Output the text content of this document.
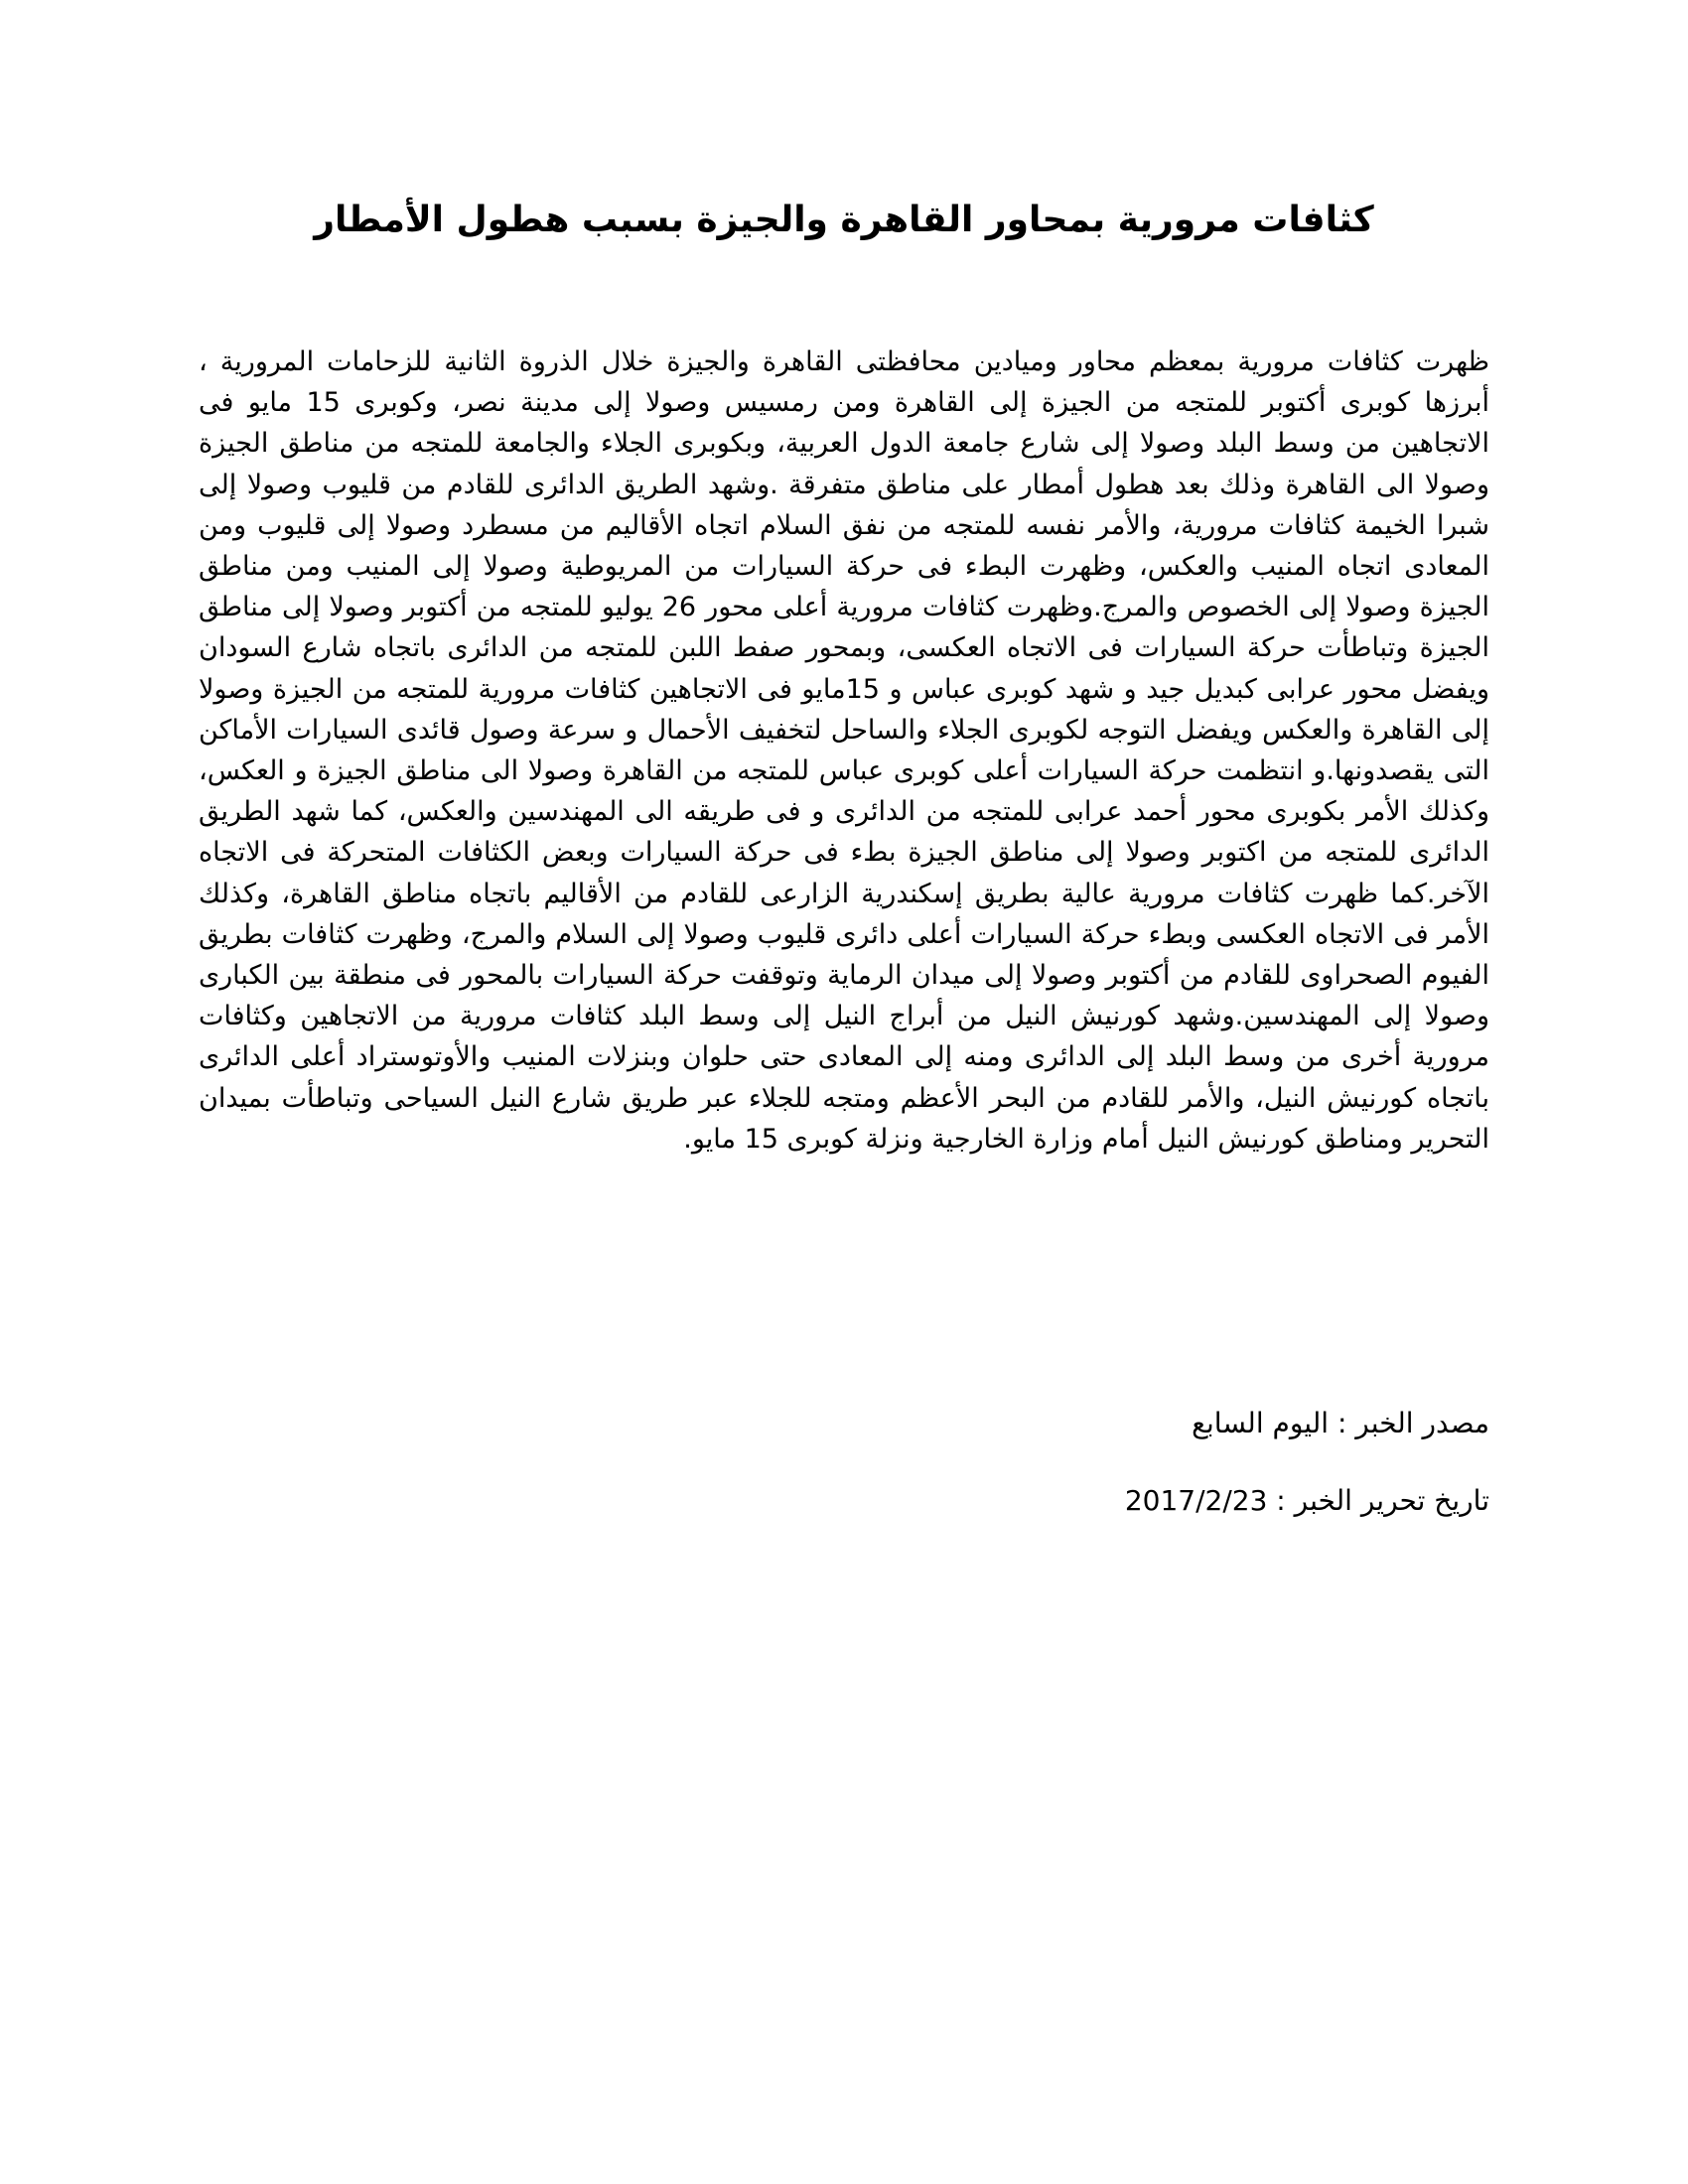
كثافات مرورية بمحاور القاهرة والجيزة بسبب هطول الأمطار

ظهرت كثافات مرورية بمعظم محاور وميادين محافظتى القاهرة والجيزة خلال الذروة الثانية للزحامات المرورية ، أبرزها كوبرى أكتوبر للمتجه من الجيزة إلى القاهرة ومن رمسيس وصولا إلى مدينة نصر، وكوبرى 15 مايو فى الاتجاهين من وسط البلد وصولا إلى شارع جامعة الدول العربية، وبكوبرى الجلاء والجامعة للمتجه من مناطق الجيزة وصولا الى القاهرة وذلك بعد هطول أمطار على مناطق متفرقة .وشهد الطريق الدائرى للقادم من قليوب وصولا إلى شبرا الخيمة كثافات مرورية، والأمر نفسه للمتجه من نفق السلام اتجاه الأقاليم من مسطرد وصولا إلى قليوب ومن المعادى اتجاه المنيب والعكس، وظهرت البطء فى حركة السيارات من المريوطية وصولا إلى المنيب ومن مناطق الجيزة وصولا إلى الخصوص والمرج.وظهرت كثافات مرورية أعلى محور 26 يوليو للمتجه من أكتوبر وصولا إلى مناطق الجيزة وتباطأت حركة السيارات فى الاتجاه العكسى، وبمحور صفط اللبن للمتجه من الدائرى باتجاه شارع السودان ويفضل محور عرابى كبديل جيد و شهد كوبرى عباس و 15مايو فى الاتجاهين كثافات مرورية للمتجه من الجيزة وصولا إلى القاهرة والعكس ويفضل التوجه لكوبرى الجلاء والساحل لتخفيف الأحمال و سرعة وصول قائدى السيارات الأماكن التى يقصدونها.و انتظمت حركة السيارات أعلى كوبرى عباس للمتجه من القاهرة وصولا الى مناطق الجيزة و العكس، وكذلك الأمر بكوبرى محور أحمد عرابى للمتجه من الدائرى و فى طريقه الى المهندسين والعكس، كما شهد الطريق الدائرى للمتجه من اكتوبر وصولا إلى مناطق الجيزة بطء فى حركة السيارات وبعض الكثافات المتحركة فى الاتجاه الآخر.كما ظهرت كثافات مرورية عالية بطريق إسكندرية الزارعى للقادم من الأقاليم باتجاه مناطق القاهرة، وكذلك الأمر فى الاتجاه العكسى وبطء حركة السيارات أعلى دائرى قليوب وصولا إلى السلام والمرج، وظهرت كثافات بطريق الفيوم الصحراوى للقادم من أكتوبر وصولا إلى ميدان الرماية وتوقفت حركة السيارات بالمحور فى منطقة بين الكبارى وصولا إلى المهندسين.وشهد كورنيش النيل من أبراج النيل إلى وسط البلد كثافات مرورية من الاتجاهين وكثافات مرورية أخرى من وسط البلد إلى الدائرى ومنه إلى المعادى حتى حلوان وبنزلات المنيب والأوتوستراد أعلى الدائرى باتجاه كورنيش النيل، والأمر للقادم من البحر الأعظم ومتجه للجلاء عبر طريق شارع النيل السياحى وتباطأت بميدان التحرير ومناطق كورنيش النيل أمام وزارة الخارجية ونزلة كوبرى 15 مايو.

مصدر الخبر : اليوم السابع

تاريخ تحرير الخبر : 2017/2/23
